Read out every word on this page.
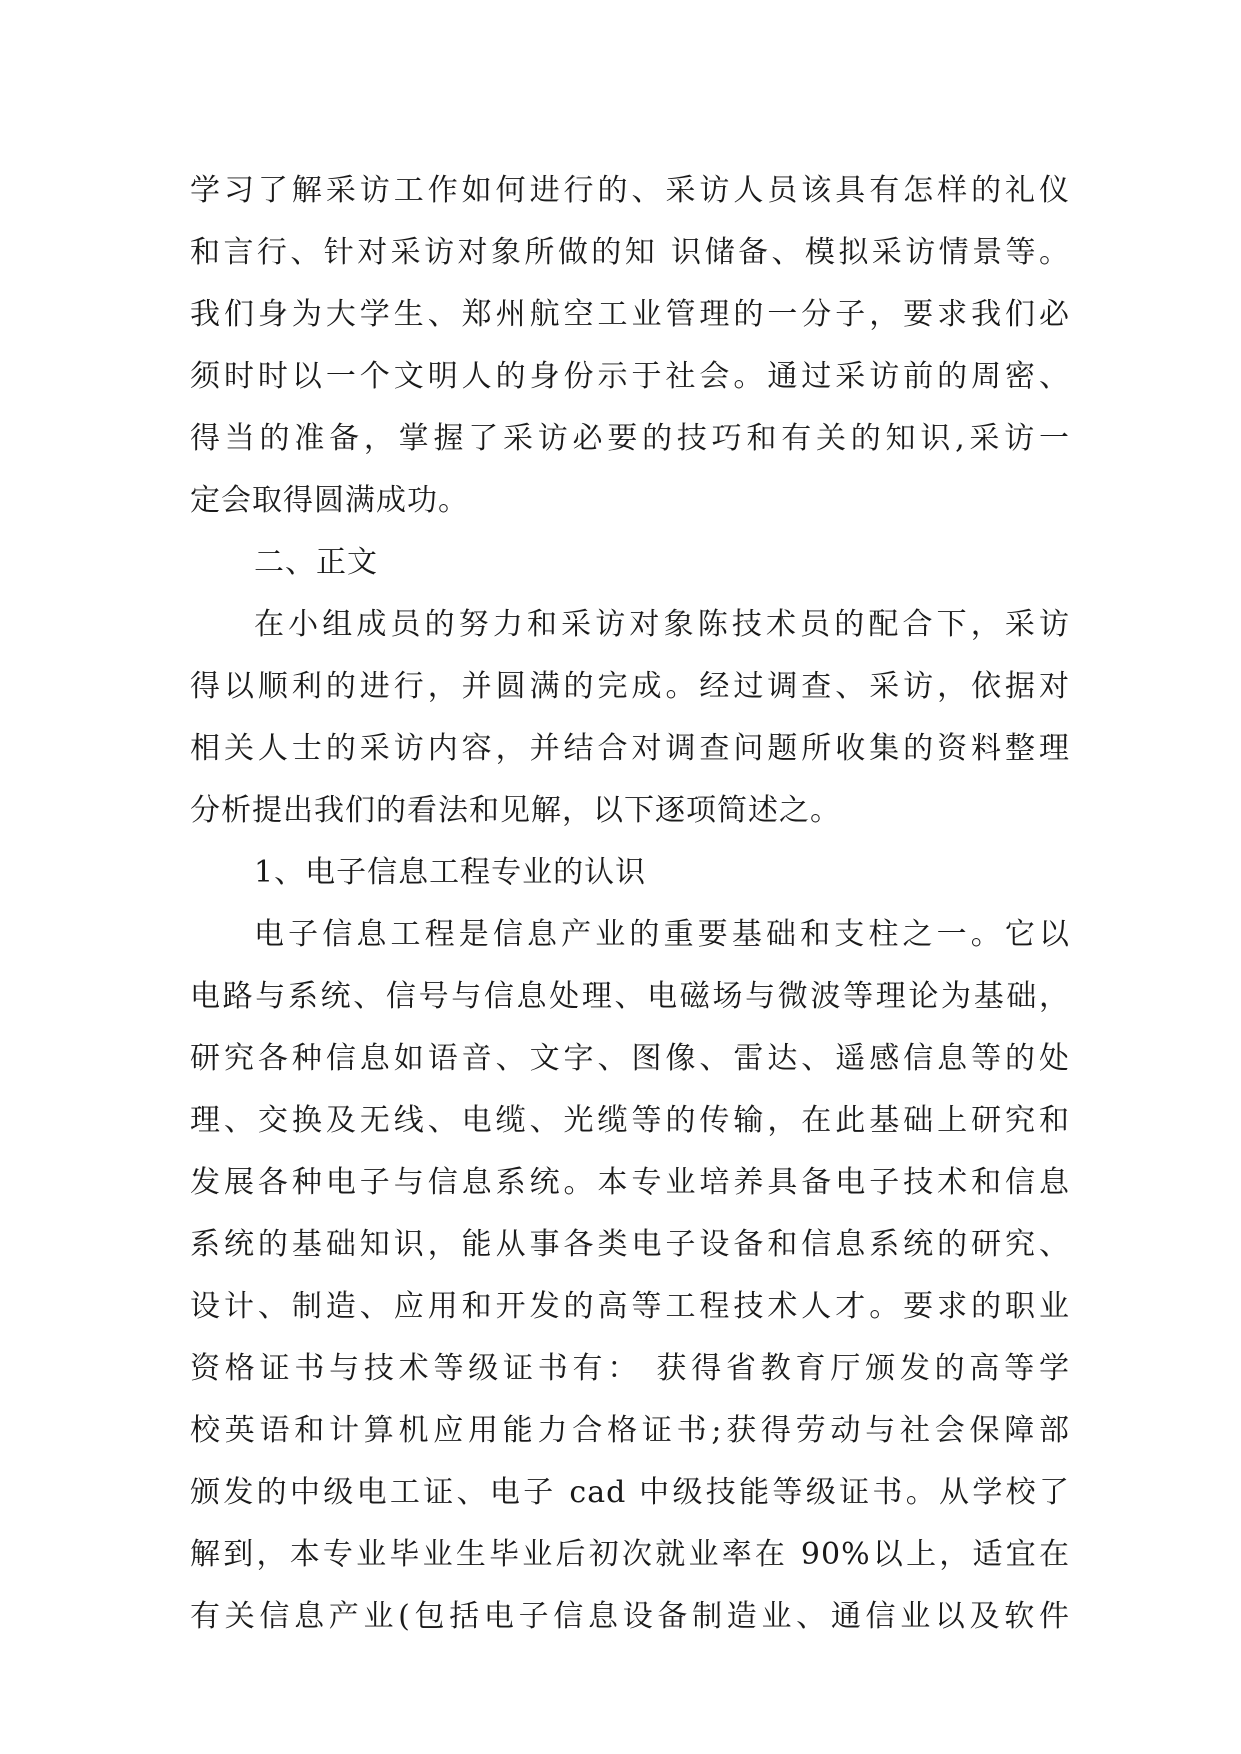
学习了解采访工作如何进行的、采访人员该具有怎样的礼仪
和言行、针对采访对象所做的知 识储备、模拟采访情景等。
我们身为大学生、郑州航空工业管理的一分子，要求我们必
须时时以一个文明人的身份示于社会。通过采访前的周密、
得当的准备，掌握了采访必要的技巧和有关的知识,采访一
定会取得圆满成功。
二、正文
在小组成员的努力和采访对象陈技术员的配合下，采访
得以顺利的进行，并圆满的完成。经过调查、采访，依据对
相关人士的采访内容，并结合对调查问题所收集的资料整理
分析提出我们的看法和见解，以下逐项简述之。
1、电子信息工程专业的认识
电子信息工程是信息产业的重要基础和支柱之一。它以
电路与系统、信号与信息处理、电磁场与微波等理论为基础，
研究各种信息如语音、文字、图像、雷达、遥感信息等的处
理、交换及无线、电缆、光缆等的传输，在此基础上研究和
发展各种电子与信息系统。本专业培养具备电子技术和信息
系统的基础知识，能从事各类电子设备和信息系统的研究、
设计、制造、应用和开发的高等工程技术人才。要求的职业
资格证书与技术等级证书有： 获得省教育厅颁发的高等学
校英语和计算机应用能力合格证书;获得劳动与社会保障部
颁发的中级电工证、电子 cad 中级技能等级证书。从学校了
解到，本专业毕业生毕业后初次就业率在 90%以上，适宜在
有关信息产业(包括电子信息设备制造业、通信业以及软件
